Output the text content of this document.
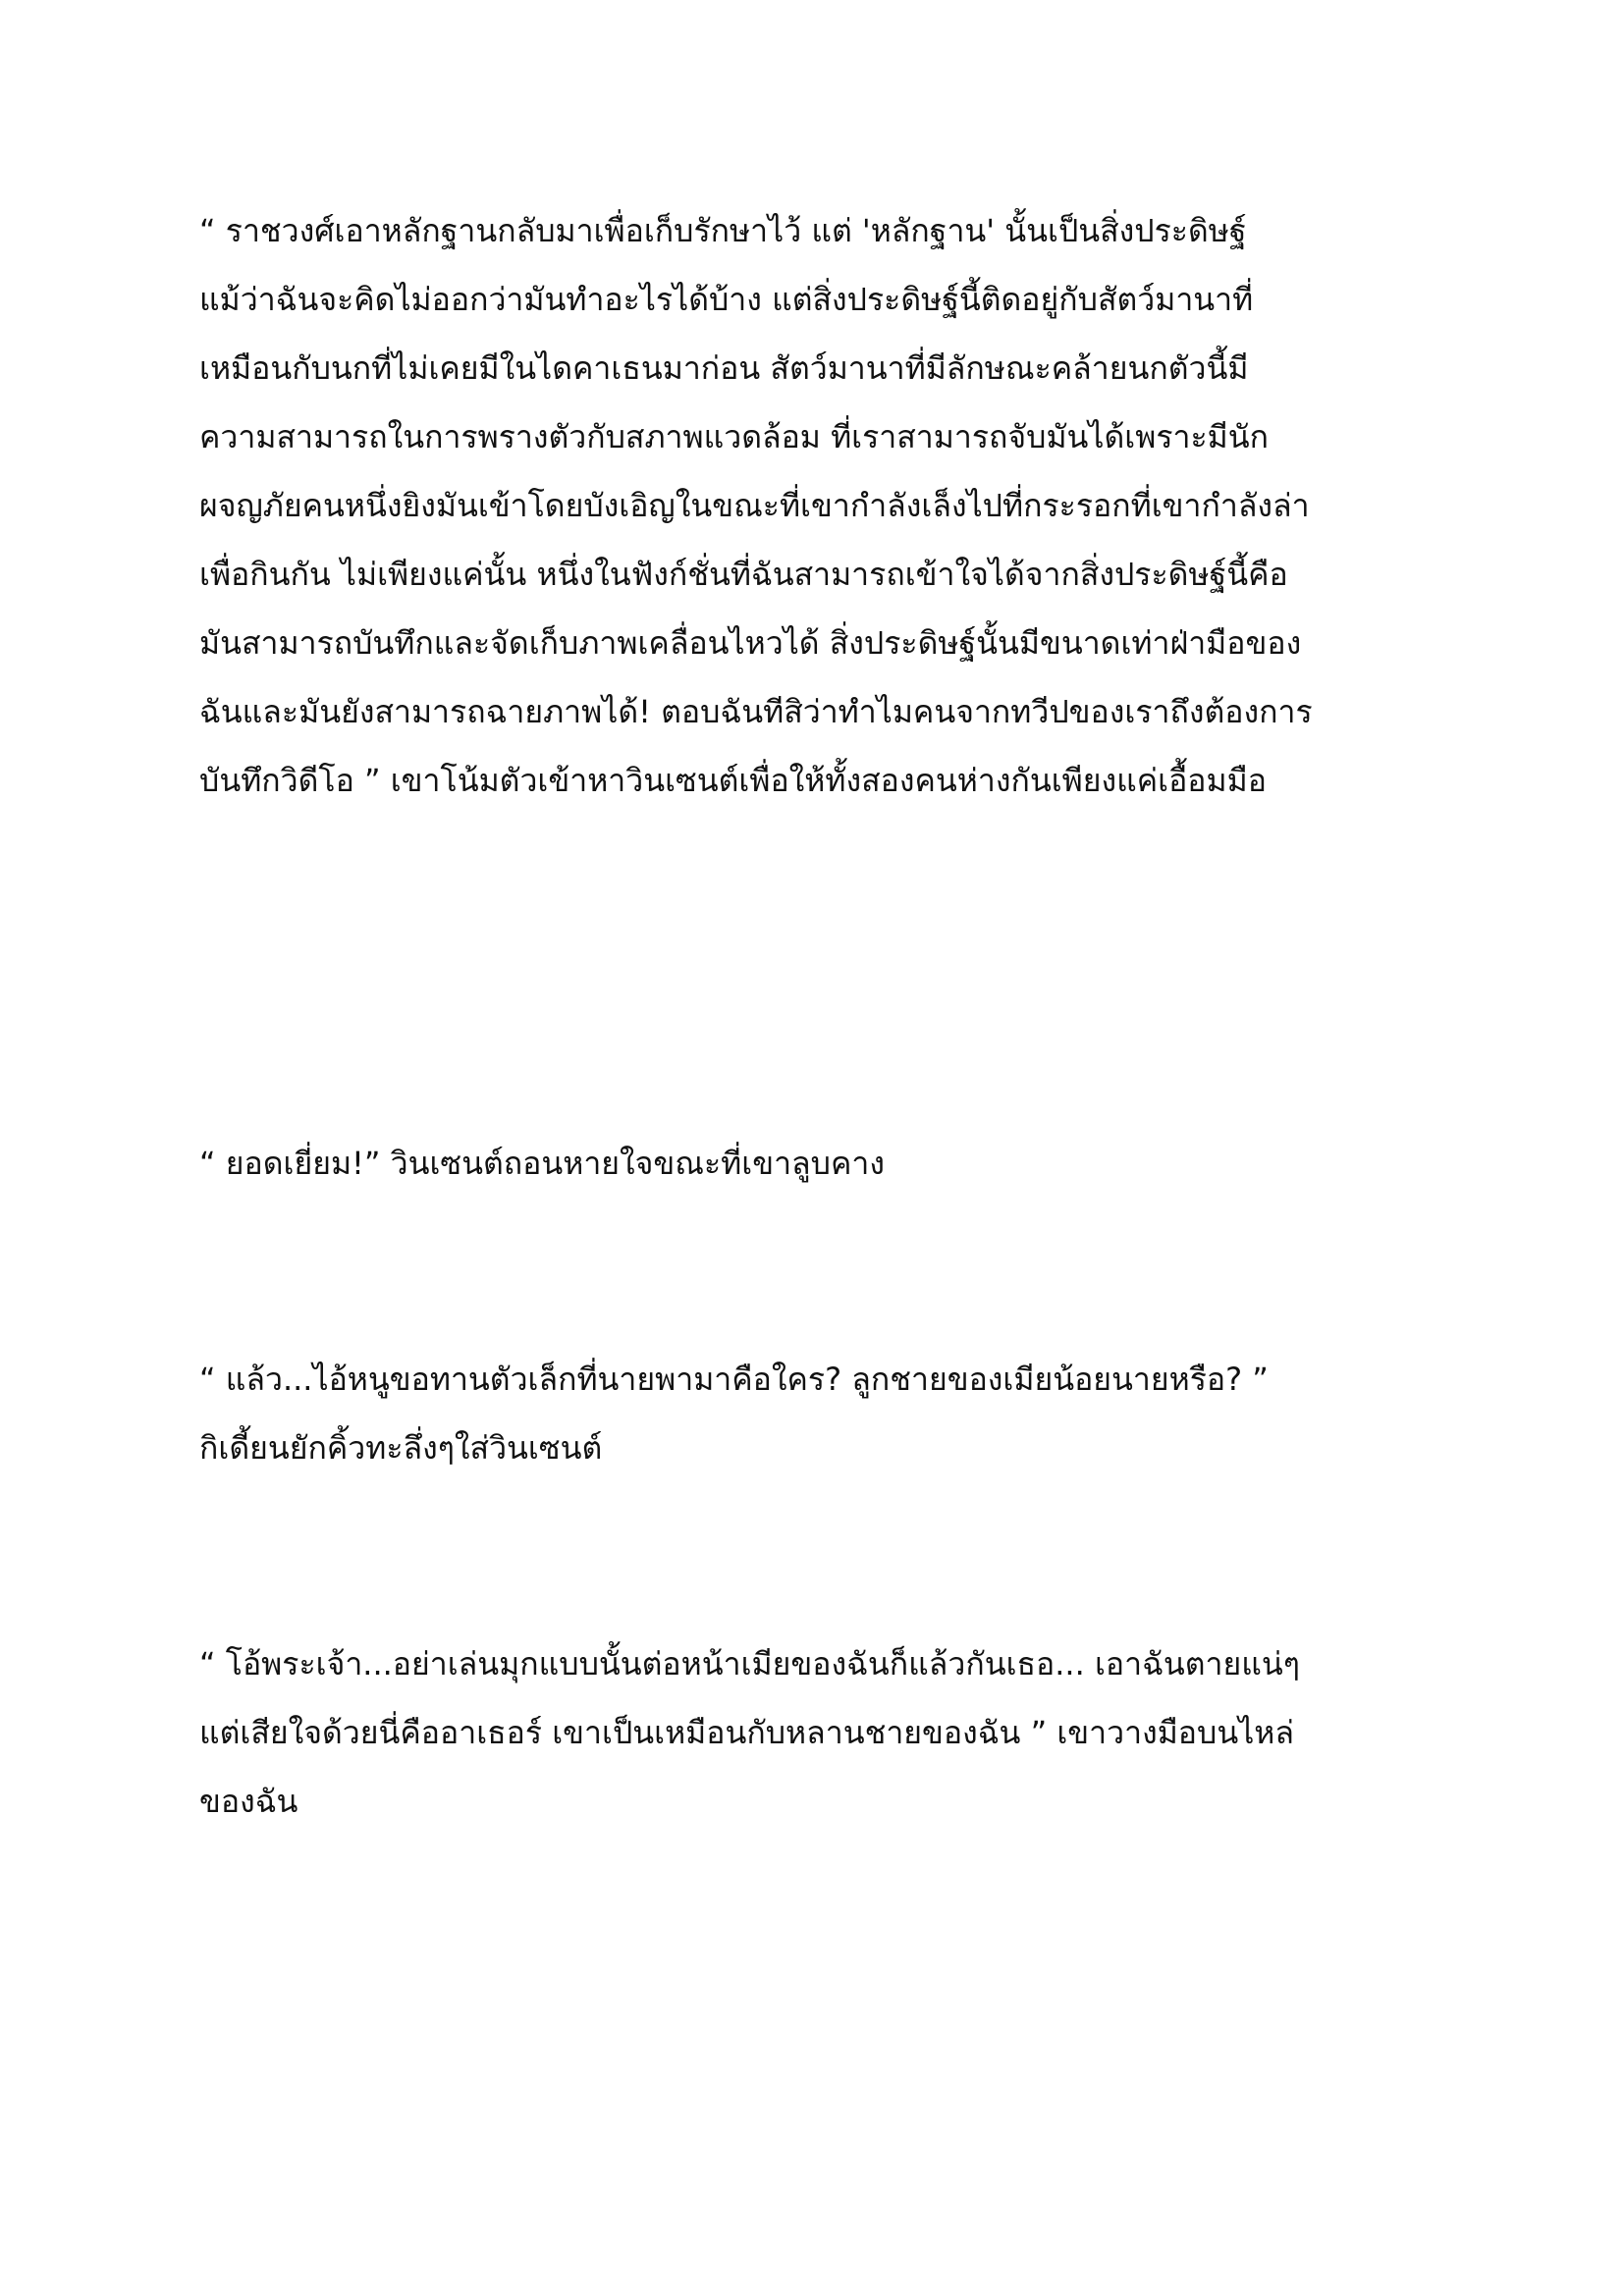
“ ราชวงศ์เอาหลักฐานกลับมาเพื่อเก็บรักษาไว้ แต่ 'หลักฐาน' นั้นเป็นสิ่งประดิษฐ์
แม้ว่าฉันจะคิดไม่ออกว่ามันทำอะไรได้บ้าง แต่สิ่งประดิษฐ์นี้ติดอยู่กับสัตว์มานาที่
เหมือนกับนกที่ไม่เคยมีในไดคาเธนมาก่อน สัตว์มานาที่มีลักษณะคล้ายนกตัวนี้มี
ความสามารถในการพรางตัวกับสภาพแวดล้อม ที่เราสามารถจับมันได้เพราะมีนัก
ผจญภัยคนหนึ่งยิงมันเข้าโดยบังเอิญในขณะที่เขากำลังเล็งไปที่กระรอกที่เขากำลังล่า
เพื่อกินกัน ไม่เพียงแค่นั้น หนึ่งในฟังก์ชั่นที่ฉันสามารถเข้าใจได้จากสิ่งประดิษฐ์นี้คือ
มันสามารถบันทึกและจัดเก็บภาพเคลื่อนไหวได้ สิ่งประดิษฐ์นั้นมีขนาดเท่าฝ่ามือของ
ฉันและมันยังสามารถฉายภาพได้! ตอบฉันทีสิว่าทำไมคนจากทวีปของเราถึงต้องการ
บันทึกวิดีโอ ” เขาโน้มตัวเข้าหาวินเซนต์เพื่อให้ทั้งสองคนห่างกันเพียงแค่เอื้อมมือ
“ ยอดเยี่ยม!” วินเซนต์ถอนหายใจขณะที่เขาลูบคาง
“ แล้ว...ไอ้หนูขอทานตัวเล็กที่นายพามาคือใคร? ลูกชายของเมียน้อยนายหรือ? ”
กิเดี้ยนยักคิ้วทะลึ่งๆใส่วินเซนต์
“ โอ้พระเจ้า...อย่าเล่นมุกแบบนั้นต่อหน้าเมียของฉันก็แล้วกันเธอ... เอาฉันตายแน่ๆ
แต่เสียใจด้วยนี่คืออาเธอร์ เขาเป็นเหมือนกับหลานชายของฉัน ” เขาวางมือบนไหล่
ของฉัน
